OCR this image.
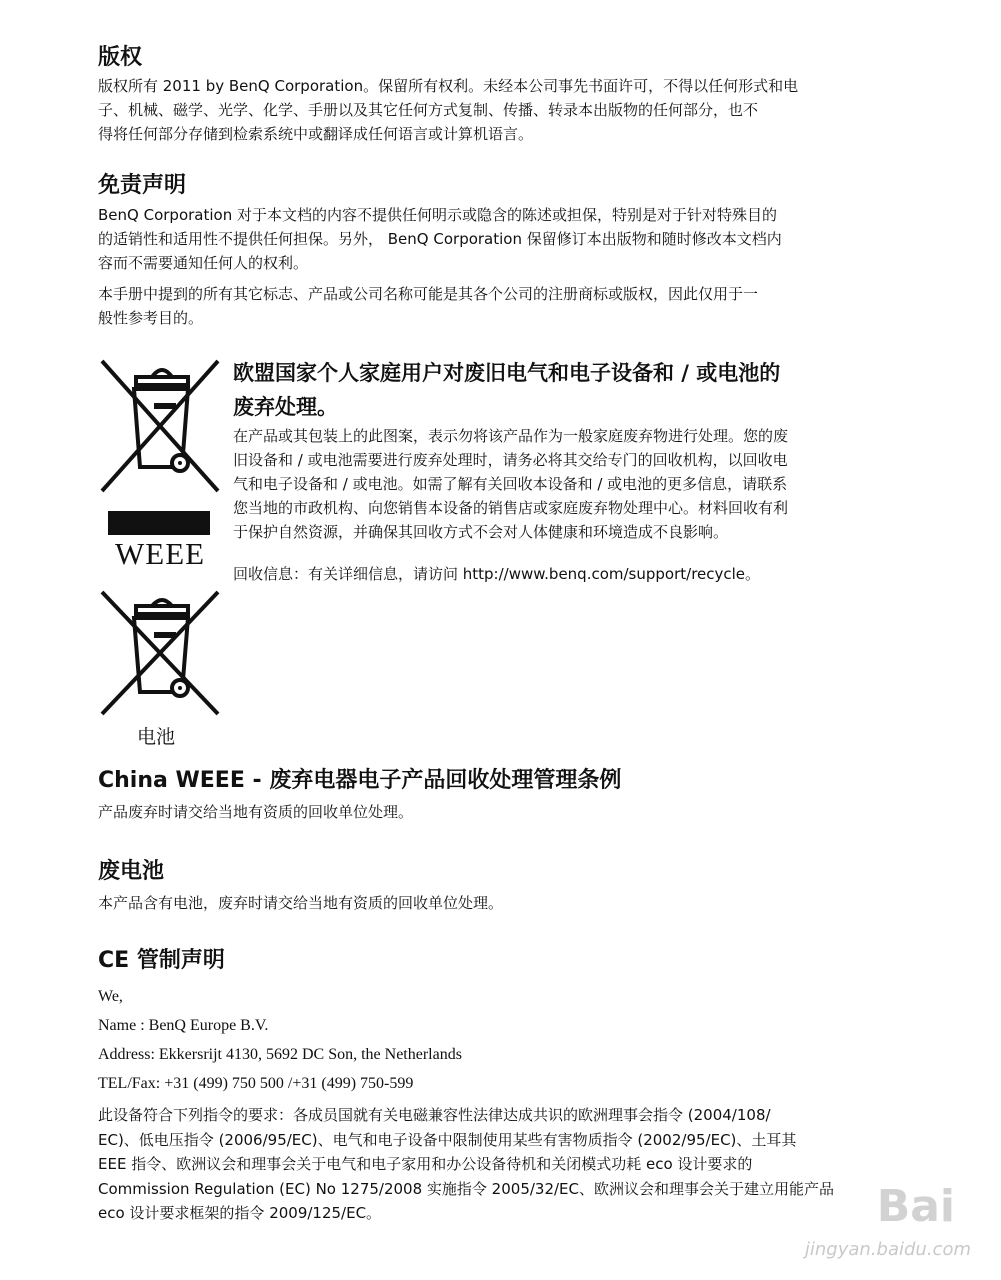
版权
版权所有 2011 by BenQ Corporation。保留所有权利。未经本公司事先书面许可，不得以任何形式和电
子、机械、磁学、光学、化学、手册以及其它任何方式复制、传播、转录本出版物的任何部分，也不
得将任何部分存储到检索系统中或翻译成任何语言或计算机语言。
免责声明
BenQ Corporation 对于本文档的内容不提供任何明示或隐含的陈述或担保，特别是对于针对特殊目的
的适销性和适用性不提供任何担保。另外， BenQ Corporation 保留修订本出版物和随时修改本文档内
容而不需要通知任何人的权利。
本手册中提到的所有其它标志、产品或公司名称可能是其各个公司的注册商标或版权，因此仅用于一
般性参考目的。
WEEE
电池
欧盟国家个人家庭用户对废旧电气和电子设备和 / 或电池的
废弃处理。
在产品或其包装上的此图案，表示勿将该产品作为一般家庭废弃物进行处理。您的废
旧设备和 / 或电池需要进行废弃处理时，请务必将其交给专门的回收机构，以回收电
气和电子设备和 / 或电池。如需了解有关回收本设备和 / 或电池的更多信息，请联系
您当地的市政机构、向您销售本设备的销售店或家庭废弃物处理中心。材料回收有利
于保护自然资源，并确保其回收方式不会对人体健康和环境造成不良影响。
回收信息：有关详细信息，请访问 http://www.benq.com/support/recycle。
China WEEE - 废弃电器电子产品回收处理管理条例
产品废弃时请交给当地有资质的回收单位处理。
废电池
本产品含有电池，废弃时请交给当地有资质的回收单位处理。
CE 管制声明
We,
Name : BenQ Europe B.V.
Address: Ekkersrijt 4130, 5692 DC Son, the Netherlands
TEL/Fax: +31 (499) 750 500 /+31 (499) 750-599
此设备符合下列指令的要求：各成员国就有关电磁兼容性法律达成共识的欧洲理事会指令 (2004/108/
EC)、低电压指令 (2006/95/EC)、电气和电子设备中限制使用某些有害物质指令 (2002/95/EC)、土耳其
EEE 指令、欧洲议会和理事会关于电气和电子家用和办公设备待机和关闭模式功耗 eco 设计要求的
Commission Regulation (EC) No 1275/2008 实施指令 2005/32/EC、欧洲议会和理事会关于建立用能产品
eco 设计要求框架的指令 2009/125/EC。	Bai
jingyan.baidu.com
